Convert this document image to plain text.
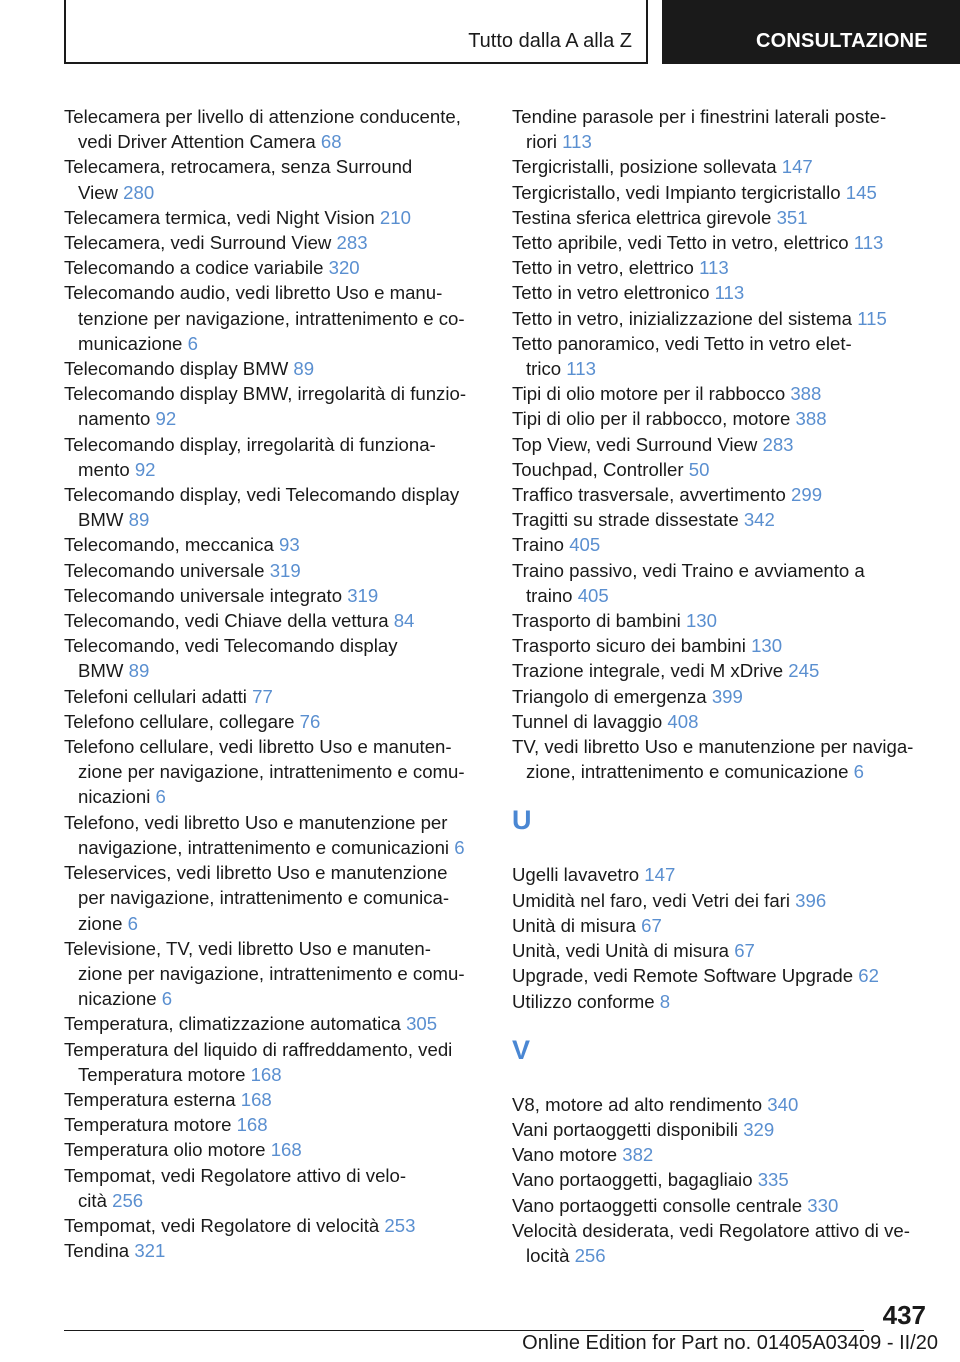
Tutto dalla A alla Z	CONSULTAZIONE
Telecamera per livello di attenzione conducente,
vedi Driver Attention Camera 68
Telecamera, retrocamera, senza Surround
View 280
Telecamera termica, vedi Night Vision 210
Telecamera, vedi Surround View 283
Telecomando a codice variabile 320
Telecomando audio, vedi libretto Uso e manu-
tenzione per navigazione, intrattenimento e co-
municazione 6
Telecomando display BMW 89
Telecomando display BMW, irregolarità di funzio-
namento 92
Telecomando display, irregolarità di funziona-
mento 92
Telecomando display, vedi Telecomando display
BMW 89
Telecomando, meccanica 93
Telecomando universale 319
Telecomando universale integrato 319
Telecomando, vedi Chiave della vettura 84
Telecomando, vedi Telecomando display
BMW 89
Telefoni cellulari adatti 77
Telefono cellulare, collegare 76
Telefono cellulare, vedi libretto Uso e manuten-
zione per navigazione, intrattenimento e comu-
nicazioni 6
Telefono, vedi libretto Uso e manutenzione per
navigazione, intrattenimento e comunicazioni 6
Teleservices, vedi libretto Uso e manutenzione
per navigazione, intrattenimento e comunica-
zione 6
Televisione, TV, vedi libretto Uso e manuten-
zione per navigazione, intrattenimento e comu-
nicazione 6
Temperatura, climatizzazione automatica 305
Temperatura del liquido di raffreddamento, vedi
Temperatura motore 168
Temperatura esterna 168
Temperatura motore 168
Temperatura olio motore 168
Tempomat, vedi Regolatore attivo di velo-
cità 256
Tempomat, vedi Regolatore di velocità 253
Tendina 321
Tendine parasole per i finestrini laterali poste-
riori 113
Tergicristalli, posizione sollevata 147
Tergicristallo, vedi Impianto tergicristallo 145
Testina sferica elettrica girevole 351
Tetto apribile, vedi Tetto in vetro, elettrico 113
Tetto in vetro, elettrico 113
Tetto in vetro elettronico 113
Tetto in vetro, inizializzazione del sistema 115
Tetto panoramico, vedi Tetto in vetro elet-
trico 113
Tipi di olio motore per il rabbocco 388
Tipi di olio per il rabbocco, motore 388
Top View, vedi Surround View 283
Touchpad, Controller 50
Traffico trasversale, avvertimento 299
Tragitti su strade dissestate 342
Traino 405
Traino passivo, vedi Traino e avviamento a
traino 405
Trasporto di bambini 130
Trasporto sicuro dei bambini 130
Trazione integrale, vedi M xDrive 245
Triangolo di emergenza 399
Tunnel di lavaggio 408
TV, vedi libretto Uso e manutenzione per naviga-
zione, intrattenimento e comunicazione 6
U
Ugelli lavavetro 147
Umidità nel faro, vedi Vetri dei fari 396
Unità di misura 67
Unità, vedi Unità di misura 67
Upgrade, vedi Remote Software Upgrade 62
Utilizzo conforme 8
V
V8, motore ad alto rendimento 340
Vani portaoggetti disponibili 329
Vano motore 382
Vano portaoggetti, bagagliaio 335
Vano portaoggetti consolle centrale 330
Velocità desiderata, vedi Regolatore attivo di ve-
locità 256
437
Online Edition for Part no. 01405A03409 - II/20
